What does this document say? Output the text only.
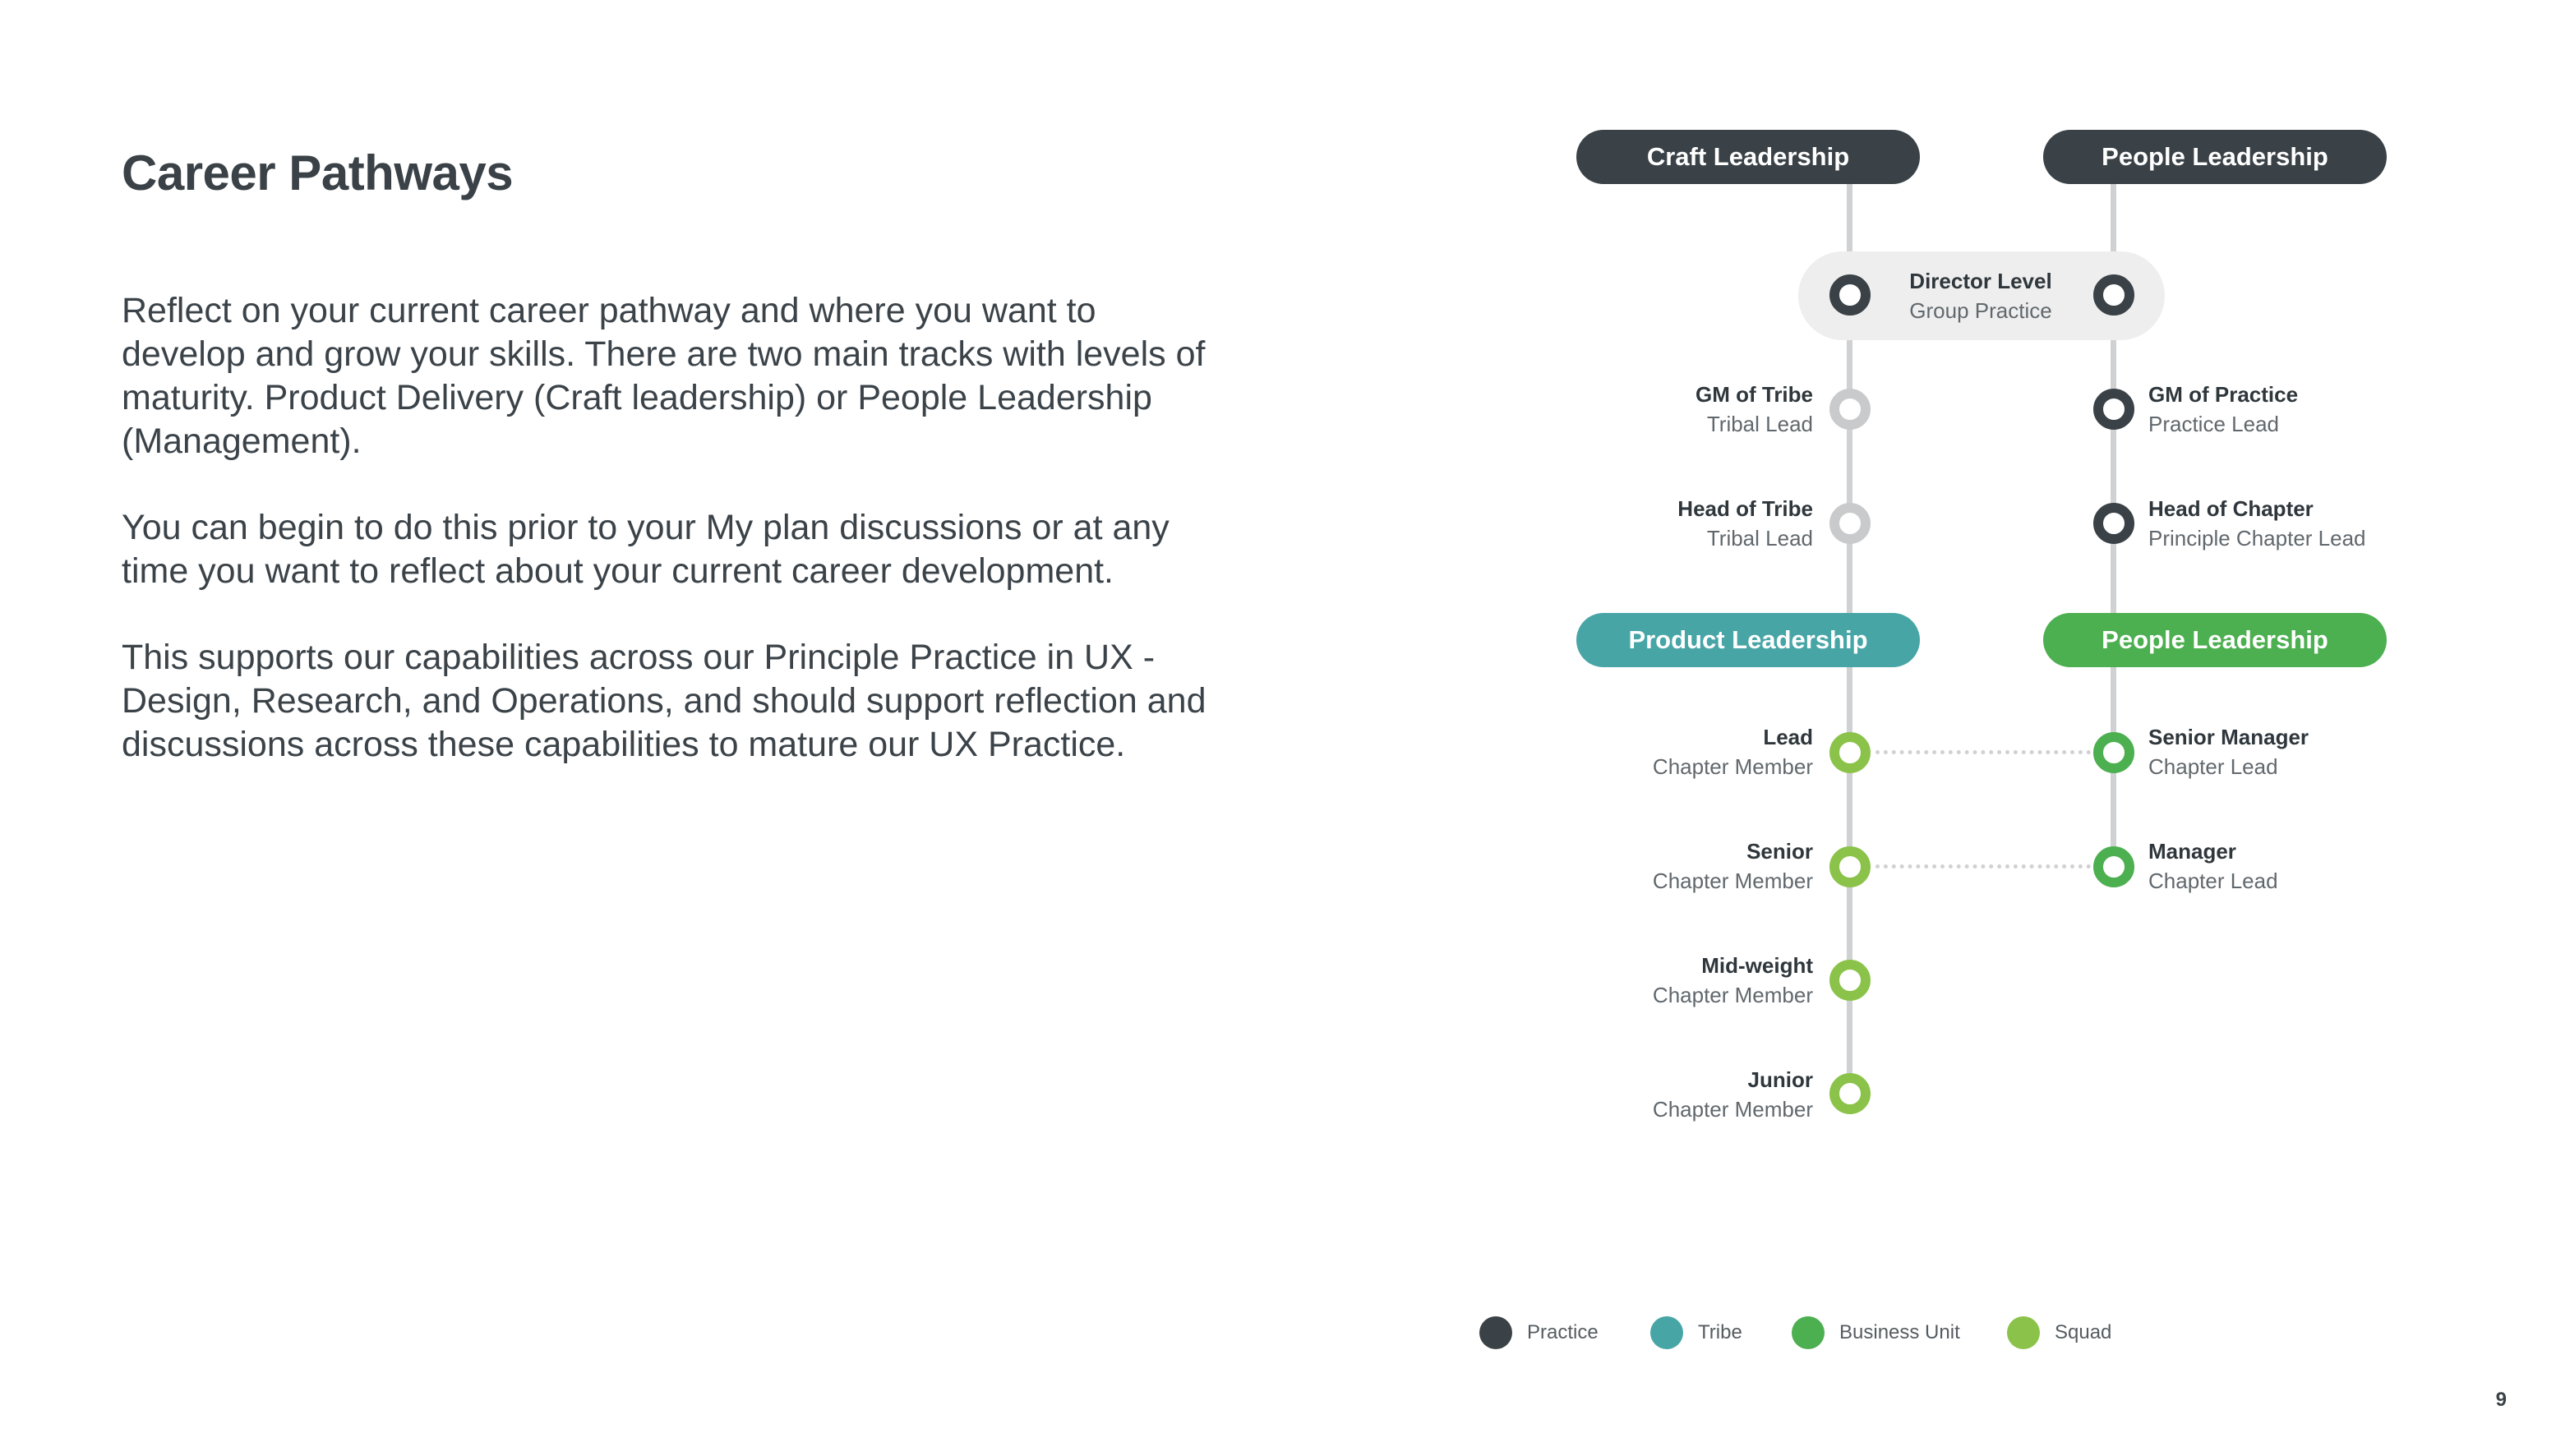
Career Pathways

Reflect on your current career pathway and where you want to develop and grow your skills. There are two main tracks with levels of maturity. Product Delivery (Craft leadership) or People Leadership (Management).

You can begin to do this prior to your My plan discussions or at any time you want to reflect about your current career development.

This supports our capabilities across our Principle Practice in UX - Design, Research, and Operations, and should support reflection and discussions across these capabilities to mature our UX Practice.

Craft Leadership	People Leadership
Product Leadership	People Leadership
Director Level
Group Practice
GM of Tribe
Tribal Lead
Head of Tribe
Tribal Lead
Lead
Chapter Member
Senior
Chapter Member
Mid-weight
Chapter Member
Junior
Chapter Member
GM of Practice
Practice Lead
Head of Chapter
Principle Chapter Lead
Senior Manager
Chapter Lead
Manager
Chapter Lead
Practice	Tribe	Business Unit	Squad
9
